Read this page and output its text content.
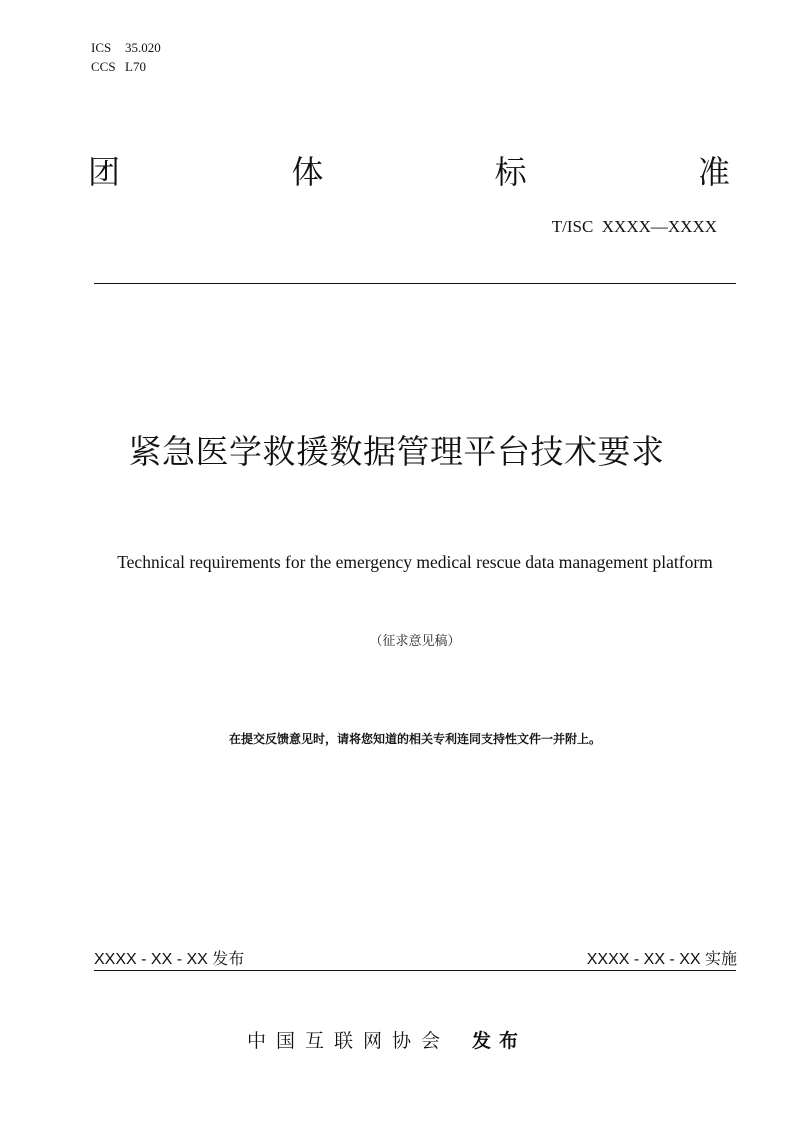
ICS 35.020
CCS L70
团	体	标	准
T/ISC  XXXX—XXXX
紧急医学救援数据管理平台技术要求
Technical requirements for the emergency medical rescue data management platform
（征求意见稿）
在提交反馈意见时，请将您知道的相关专利连同支持性文件一并附上。
XXXX - XX - XX 发布	XXXX - XX - XX 实施
中国互联网协会 发布
